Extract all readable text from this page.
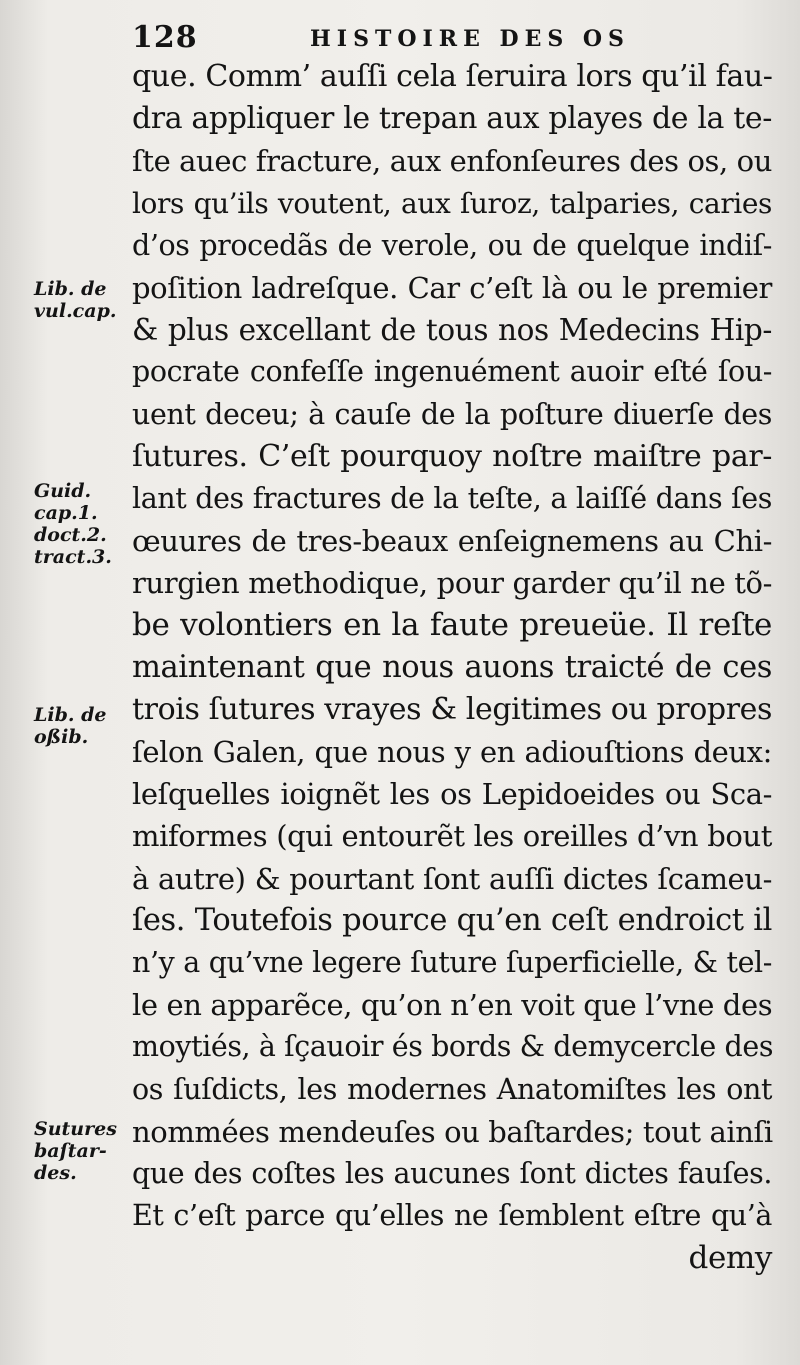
128	HISTOIRE DES OS
que. Comm’ auſſi cela ſeruira lors qu’il fau-
dra appliquer le trepan aux playes de la te-
ſte auec fracture, aux enfonſeures des os, ou
lors qu’ils voutent, aux ſuroz, talparies, caries
d’os procedãs de verole, ou de quelque indiſ-
poſition ladreſque. Car c’eſt là ou le premier
& plus excellant de tous nos Medecins Hip-
pocrate confeſſe ingenuément auoir eſté ſou-
uent deceu; à cauſe de la poſture diuerſe des
ſutures. C’eſt pourquoy noſtre maiſtre par-
lant des fractures de la teſte, a laiſſé dans ſes
œuures de tres-beaux enſeignemens au Chi-
rurgien methodique, pour garder qu’il ne tõ-
be volontiers en la faute preueüe. Il reſte
maintenant que nous auons traicté de ces
trois ſutures vrayes & legitimes ou propres
ſelon Galen, que nous y en adiouſtions deux:
leſquelles ioignẽt les os Lepidoeides ou Sca-
miformes (qui entourẽt les oreilles d’vn bout
à autre) & pourtant ſont auſſi dictes ſcameu-
ſes. Toutefois pource qu’en ceſt endroict il
n’y a qu’vne legere ſuture ſuperficielle, & tel-
le en apparẽce, qu’on n’en voit que l’vne des
moytiés, à ſçauoir és bords & demycercle des
os ſuſdicts, les modernes Anatomiſtes les ont
nommées mendeuſes ou baſtardes; tout ainſi
que des coſtes les aucunes ſont dictes fauſes.
Et c’eſt parce qu’elles ne ſemblent eſtre qu’à
demy
Lib. de
vul.cap.
Guid.
cap.1.
doct.2.
tract.3.
Lib. de
oßib.
Sutures
baſtar-
des.
